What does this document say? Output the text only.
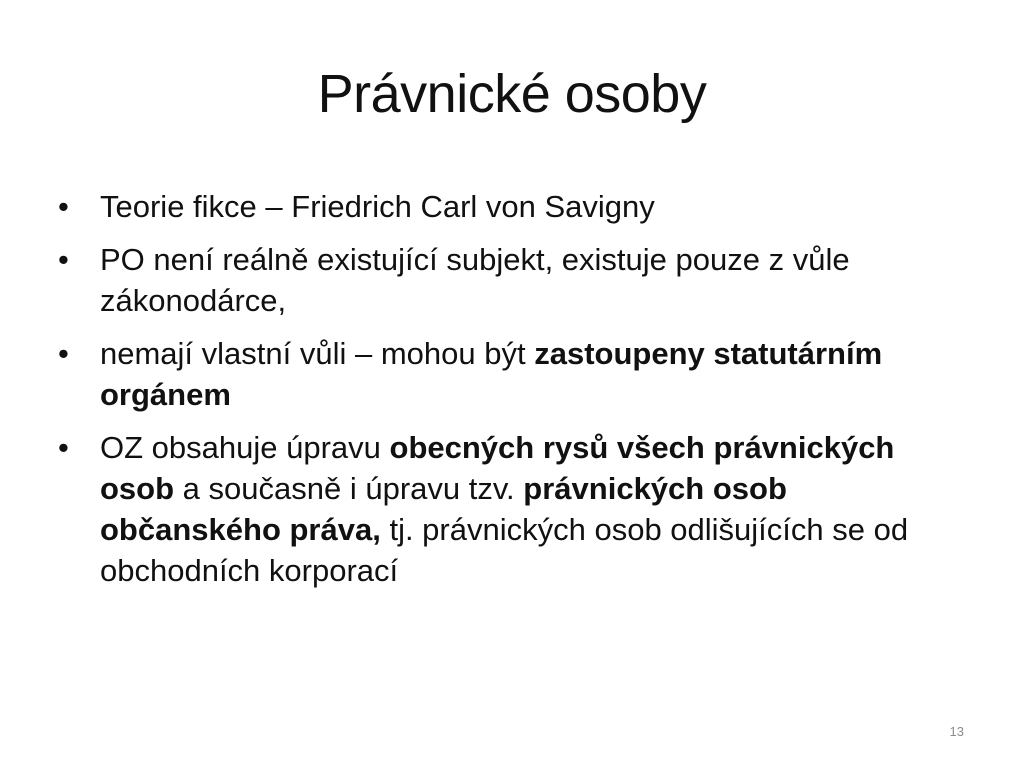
Právnické osoby
•	Teorie fikce – Friedrich Carl von Savigny
•	PO není reálně existující subjekt, existuje pouze z vůle zákonodárce,
•	nemají vlastní vůli – mohou být zastoupeny statutárním orgánem
•	OZ obsahuje úpravu obecných rysů všech právnických osob a současně i úpravu tzv. právnických osob občanského práva, tj. právnických osob odlišujících se od obchodních korporací
13
